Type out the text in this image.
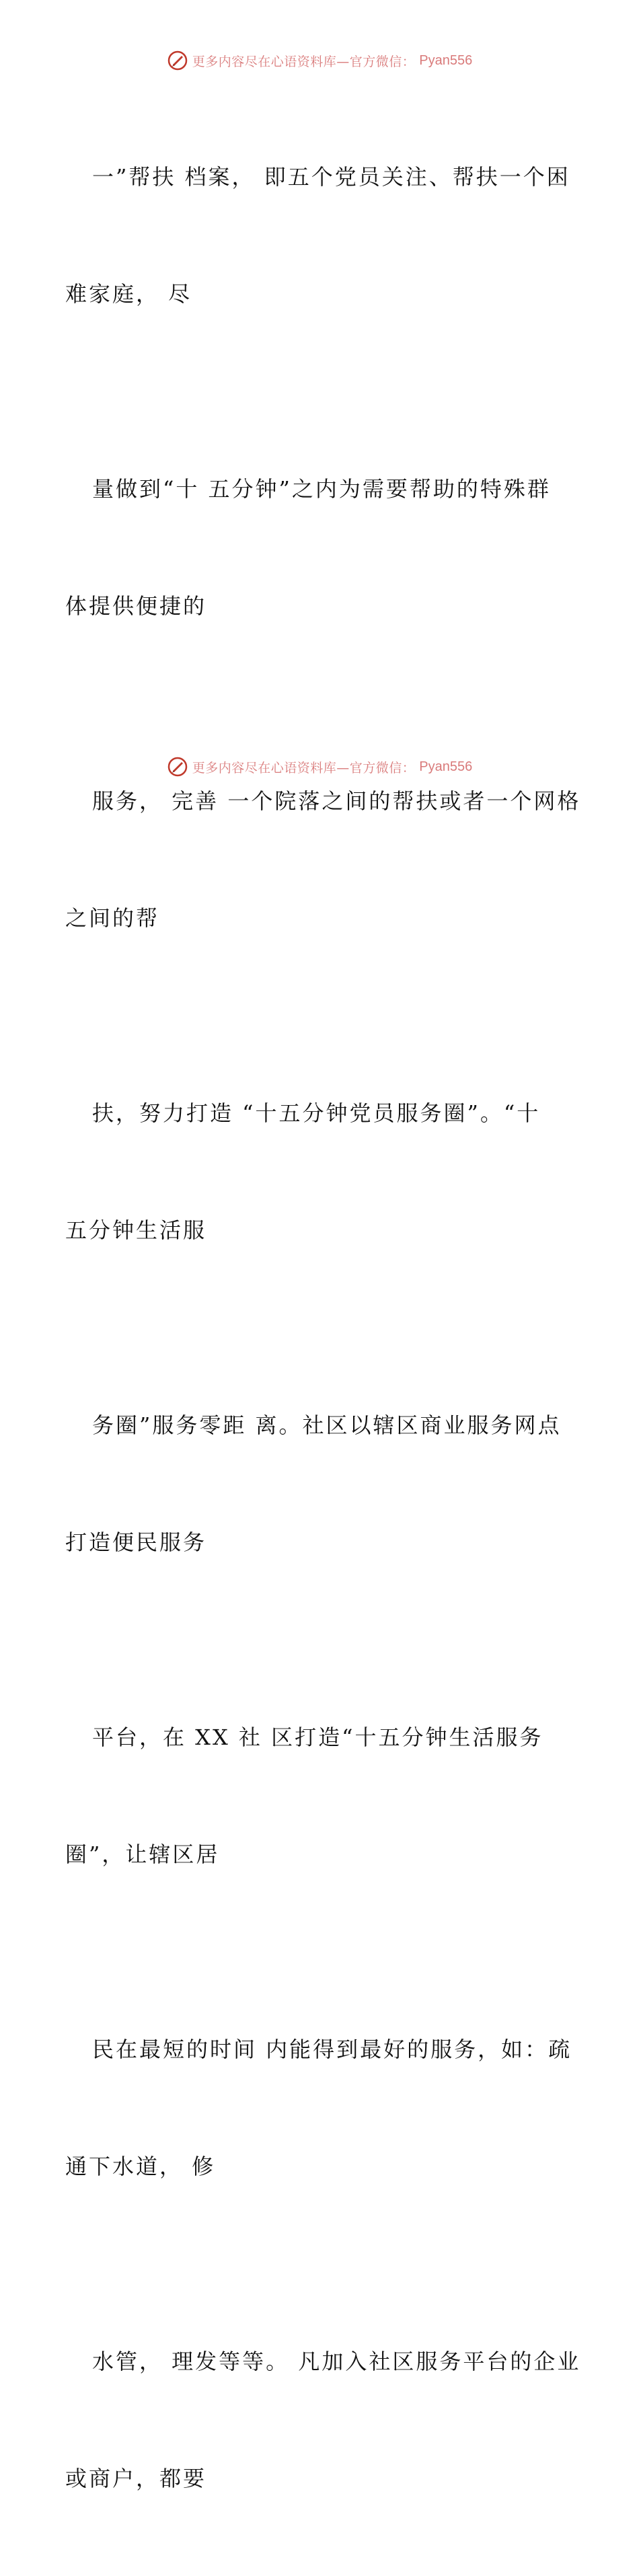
更多内容尽在心语资料库—官方微信： Pyan556

一”帮扶 档案， 即五个党员关注、帮扶一个困

难家庭， 尽

量做到“十 五分钟”之内为需要帮助的特殊群

体提供便捷的

服务， 完善 一个院落之间的帮扶或者一个网格

之间的帮

扶，努力打造 “十五分钟党员服务圈”。“十

五分钟生活服

务圈”服务零距 离。社区以辖区商业服务网点

打造便民服务

平台，在 XX 社 区打造“十五分钟生活服务

圈”，让辖区居

民在最短的时间 内能得到最好的服务，如：疏

通下水道， 修

水管， 理发等等。 凡加入社区服务平台的企业

或商户，都要

更多内容尽在心语资料库—官方微信： Pyan556
